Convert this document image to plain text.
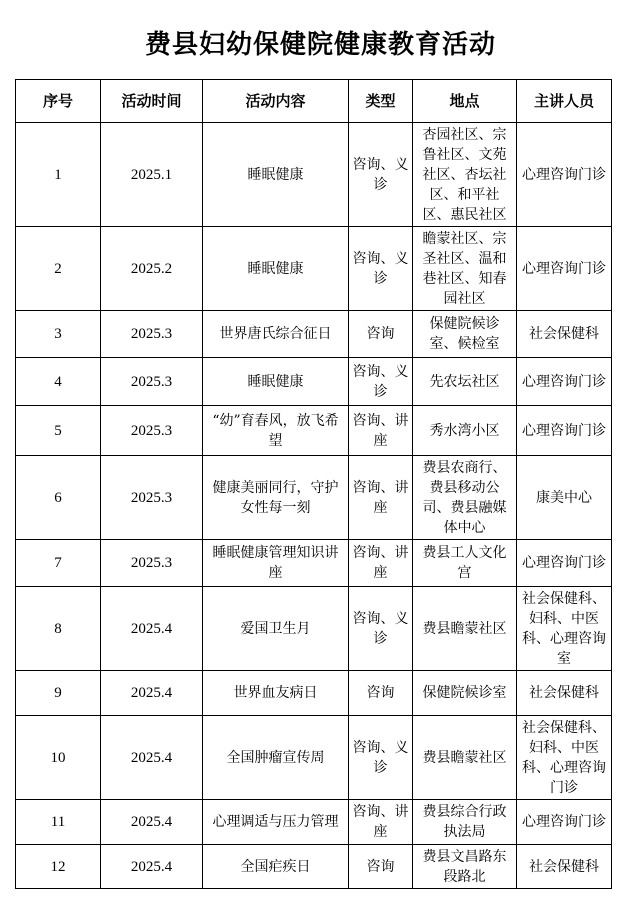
费县妇幼保健院健康教育活动
序号	活动时间	活动内容	类型	地点	主讲人员
1	2025.1	睡眠健康	咨询、义诊	杏园社区、宗鲁社区、文苑社区、杏坛社区、和平社区、惠民社区	心理咨询门诊
2	2025.2	睡眠健康	咨询、义诊	瞻蒙社区、宗圣社区、温和巷社区、知春园社区	心理咨询门诊
3	2025.3	世界唐氏综合征日	咨询	保健院候诊室、候检室	社会保健科
4	2025.3	睡眠健康	咨询、义诊	先农坛社区	心理咨询门诊
5	2025.3	“幼”育春风，放飞希望	咨询、讲座	秀水湾小区	心理咨询门诊
6	2025.3	健康美丽同行，守护女性每一刻	咨询、讲座	费县农商行、费县移动公司、费县融媒体中心	康美中心
7	2025.3	睡眠健康管理知识讲座	咨询、讲座	费县工人文化宫	心理咨询门诊
8	2025.4	爱国卫生月	咨询、义诊	费县瞻蒙社区	社会保健科、妇科、中医科、心理咨询室
9	2025.4	世界血友病日	咨询	保健院候诊室	社会保健科
10	2025.4	全国肿瘤宣传周	咨询、义诊	费县瞻蒙社区	社会保健科、妇科、中医科、心理咨询门诊
11	2025.4	心理调适与压力管理	咨询、讲座	费县综合行政执法局	心理咨询门诊
12	2025.4	全国疟疾日	咨询	费县文昌路东段路北	社会保健科
